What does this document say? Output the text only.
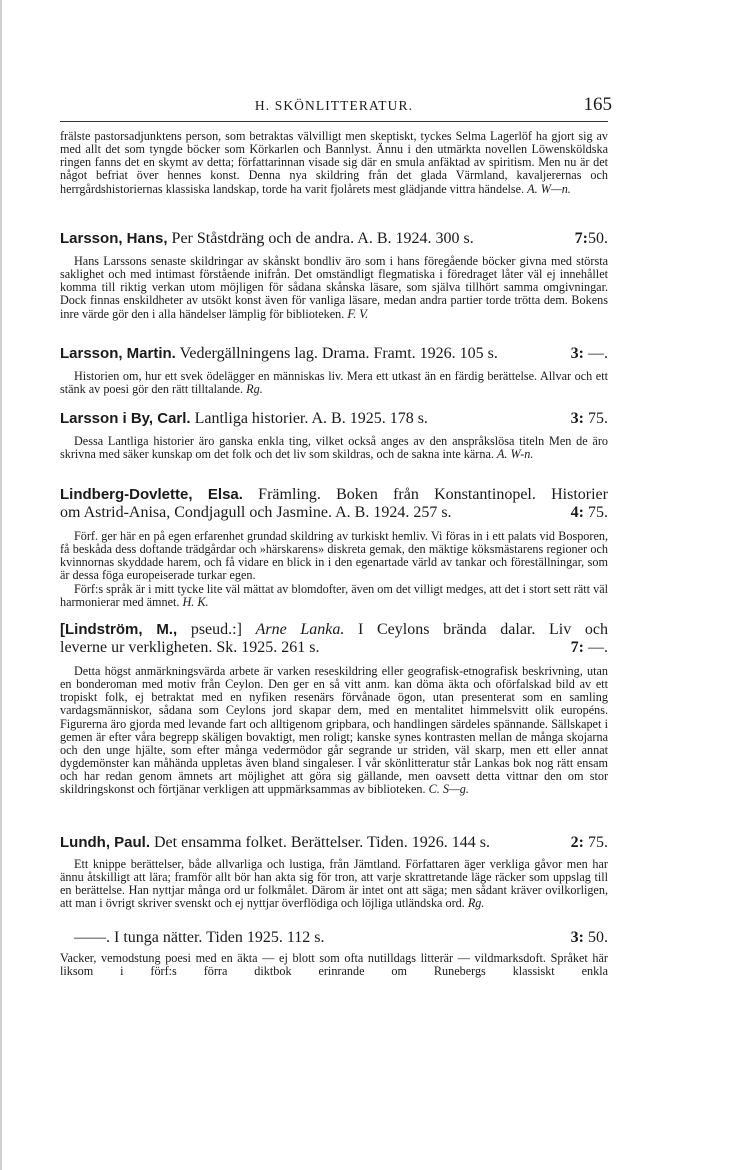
H. SKÖNLITTERATUR.	165

frälste pastorsadjunktens person, som betraktas välvilligt men skeptiskt, tyckes Selma Lagerlöf ha gjort sig av med allt det som tyngde böcker som Körkarlen och Bannlyst. Ännu i den utmärkta novellen Löwensköldska ringen fanns det en skymt av detta; författarinnan visade sig där en smula anfäktad av spiritism. Men nu är det något befriat över hennes konst. Denna nya skildring från det glada Värmland, kavaljerernas och herrgårdshistoriernas klassiska landskap, torde ha varit fjolårets mest glädjande vittra händelse. A. W—n.

Larsson, Hans, Per Ståstdräng och de andra. A. B. 1924. 300 s.	7:50.

Hans Larssons senaste skildringar av skånskt bondliv äro som i hans föregående böcker givna med största saklighet och med intimast förstående inifrån. Det omständligt flegmatiska i föredraget låter väl ej innehållet komma till riktig verkan utom möjligen för sådana skånska läsare, som själva tillhört samma omgivningar. Dock finnas enskildheter av utsökt konst även för vanliga läsare, medan andra partier torde trötta dem. Bokens inre värde gör den i alla händelser lämplig för biblioteken. F. V.

Larsson, Martin. Vedergällningens lag. Drama. Framt. 1926. 105 s.	3: —.

Historien om, hur ett svek ödelägger en människas liv. Mera ett utkast än en färdig berättelse. Allvar och ett stänk av poesi gör den rätt tilltalande. Rg.

Larsson i By, Carl. Lantliga historier. A. B. 1925. 178 s.	3: 75.

Dessa Lantliga historier äro ganska enkla ting, vilket också anges av den anspråkslösa titeln Men de äro skrivna med säker kunskap om det folk och det liv som skildras, och de sakna inte kärna. A. W-n.

Lindberg-Dovlette, Elsa. Främling. Boken från Konstantinopel. Historier
om Astrid-Anisa, Condjagull och Jasmine. A. B. 1924. 257 s.	4: 75.

Förf. ger här en på egen erfarenhet grundad skildring av turkiskt hemliv. Vi föras in i ett palats vid Bosporen, få beskåda dess doftande trädgårdar och »härskarens» diskreta gemak, den mäktige köksmästarens regioner och kvinnornas skyddade harem, och få vidare en blick in i den egenartade värld av tankar och föreställningar, som är dessa föga europeiserade turkar egen.

Förf:s språk är i mitt tycke lite väl mättat av blomdofter, även om det villigt medges, att det i stort sett rätt väl harmonierar med ämnet. H. K.

[Lindström, M., pseud.:] Arne Lanka. I Ceylons brända dalar. Liv och
leverne ur verkligheten. Sk. 1925. 261 s.	7: —.

Detta högst anmärkningsvärda arbete är varken reseskildring eller geografisk-etnografisk beskrivning, utan en bonderoman med motiv från Ceylon. Den ger en så vitt anm. kan döma äkta och oförfalskad bild av ett tropiskt folk, ej betraktat med en nyfiken resenärs förvånade ögon, utan presenterat som en samling vardagsmänniskor, sådana som Ceylons jord skapar dem, med en mentalitet himmelsvitt olik européns. Figurerna äro gjorda med levande fart och alltigenom gripbara, och handlingen särdeles spännande. Sällskapet i gemen är efter våra begrepp skäligen bovaktigt, men roligt; kanske synes kontrasten mellan de många skojarna och den unge hjälte, som efter många vedermödor går segrande ur striden, väl skarp, men ett eller annat dygdemönster kan måhända uppletas även bland singaleser. I vår skönlitteratur står Lankas bok nog rätt ensam och har redan genom ämnets art möjlighet att göra sig gällande, men oavsett detta vittnar den om stor skildringskonst och förtjänar verkligen att uppmärksammas av biblioteken. C. S—g.

Lundh, Paul. Det ensamma folket. Berättelser. Tiden. 1926. 144 s.	2: 75.

Ett knippe berättelser, både allvarliga och lustiga, från Jämtland. Författaren äger verkliga gåvor men har ännu åtskilligt att lära; framför allt bör han akta sig för tron, att varje skrattretande läge räcker som uppslag till en berättelse. Han nyttjar många ord ur folkmålet. Därom är intet ont att säga; men sådant kräver ovilkorligen, att man i övrigt skriver svenskt och ej nyttjar överflödiga och löjliga utländska ord. Rg.

——. I tunga nätter. Tiden 1925. 112 s.	3: 50.

Vacker, vemodstung poesi med en äkta — ej blott som ofta nutilldags litterär — vildmarksdoft. Språket här liksom i förf:s förra diktbok erinrande om Runebergs klassiskt enkla
